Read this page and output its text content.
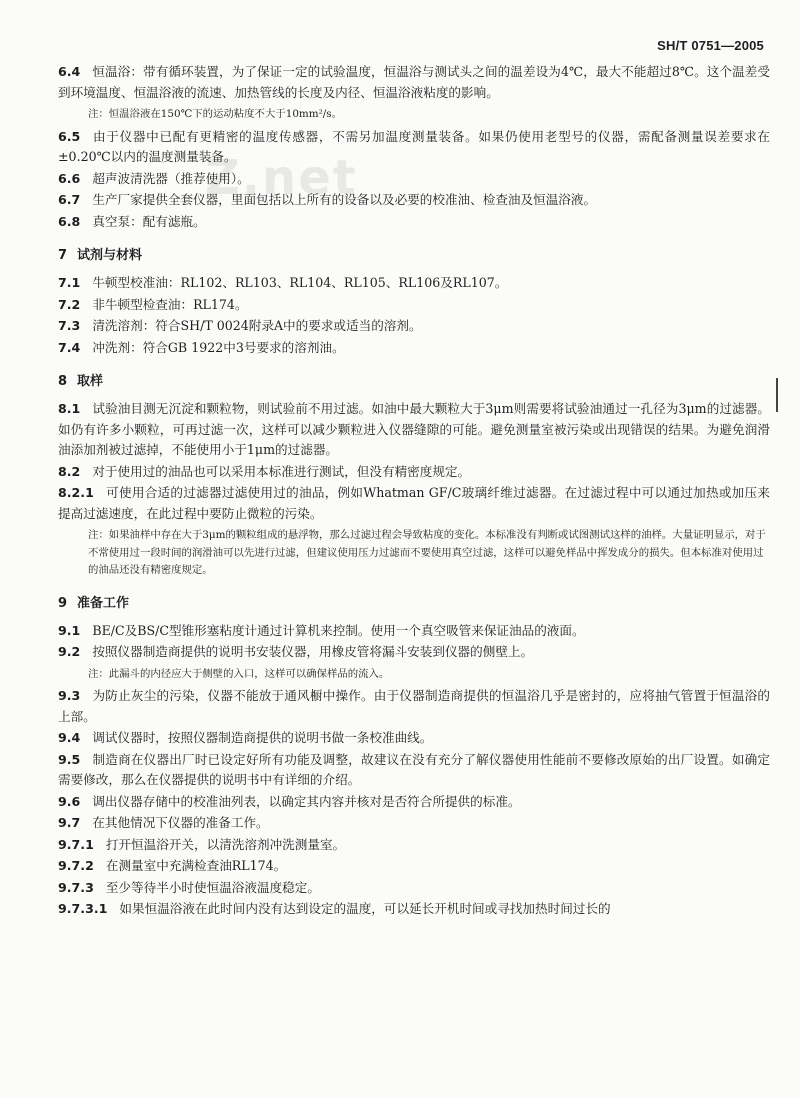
Z.net
SH/T 0751—2005

6.4 恒温浴：带有循环装置，为了保证一定的试验温度，恒温浴与测试头之间的温差设为4℃，最大不能超过8℃。这个温差受到环境温度、恒温浴液的流速、加热管线的长度及内径、恒温浴液粘度的影响。

注：恒温浴液在150℃下的运动粘度不大于10mm²/s。

6.5 由于仪器中已配有更精密的温度传感器，不需另加温度测量装备。如果仍使用老型号的仪器，需配备测量误差要求在±0.20℃以内的温度测量装备。

6.6 超声波清洗器（推荐使用）。

6.7 生产厂家提供全套仪器，里面包括以上所有的设备以及必要的校准油、检查油及恒温浴液。

6.8 真空泵：配有滤瓶。

7 试剂与材料

7.1 牛顿型校准油：RL102、RL103、RL104、RL105、RL106及RL107。

7.2 非牛顿型检查油：RL174。

7.3 清洗溶剂：符合SH/T 0024附录A中的要求或适当的溶剂。

7.4 冲洗剂：符合GB 1922中3号要求的溶剂油。

8 取样

8.1 试验油目测无沉淀和颗粒物，则试验前不用过滤。如油中最大颗粒大于3μm则需要将试验油通过一孔径为3μm的过滤器。如仍有许多小颗粒，可再过滤一次，这样可以减少颗粒进入仪器缝隙的可能。避免测量室被污染或出现错误的结果。为避免润滑油添加剂被过滤掉，不能使用小于1μm的过滤器。

8.2 对于使用过的油品也可以采用本标准进行测试，但没有精密度规定。

8.2.1 可使用合适的过滤器过滤使用过的油品，例如Whatman GF/C玻璃纤维过滤器。在过滤过程中可以通过加热或加压来提高过滤速度，在此过程中要防止微粒的污染。

注：如果油样中存在大于3μm的颗粒组成的悬浮物，那么过滤过程会导致粘度的变化。本标准没有判断或试图测试这样的油样。大量证明显示，对于不常使用过一段时间的润滑油可以先进行过滤，但建议使用压力过滤而不要使用真空过滤，这样可以避免样品中挥发成分的损失。但本标准对使用过的油品还没有精密度规定。
9 准备工作

9.1 BE/C及BS/C型锥形塞粘度计通过计算机来控制。使用一个真空吸管来保证油品的液面。

9.2 按照仪器制造商提供的说明书安装仪器，用橡皮管将漏斗安装到仪器的侧壁上。

注：此漏斗的内径应大于侧壁的入口，这样可以确保样品的流入。

9.3 为防止灰尘的污染，仪器不能放于通风橱中操作。由于仪器制造商提供的恒温浴几乎是密封的，应将抽气管置于恒温浴的上部。

9.4 调试仪器时，按照仪器制造商提供的说明书做一条校准曲线。

9.5 制造商在仪器出厂时已设定好所有功能及调整，故建议在没有充分了解仪器使用性能前不要修改原始的出厂设置。如确定需要修改，那么在仪器提供的说明书中有详细的介绍。

9.6 调出仪器存储中的校准油列表，以确定其内容并核对是否符合所提供的标准。

9.7 在其他情况下仪器的准备工作。

9.7.1 打开恒温浴开关，以清洗溶剂冲洗测量室。

9.7.2 在测量室中充满检查油RL174。

9.7.3 至少等待半小时使恒温浴液温度稳定。

9.7.3.1 如果恒温浴液在此时间内没有达到设定的温度，可以延长开机时间或寻找加热时间过长的
